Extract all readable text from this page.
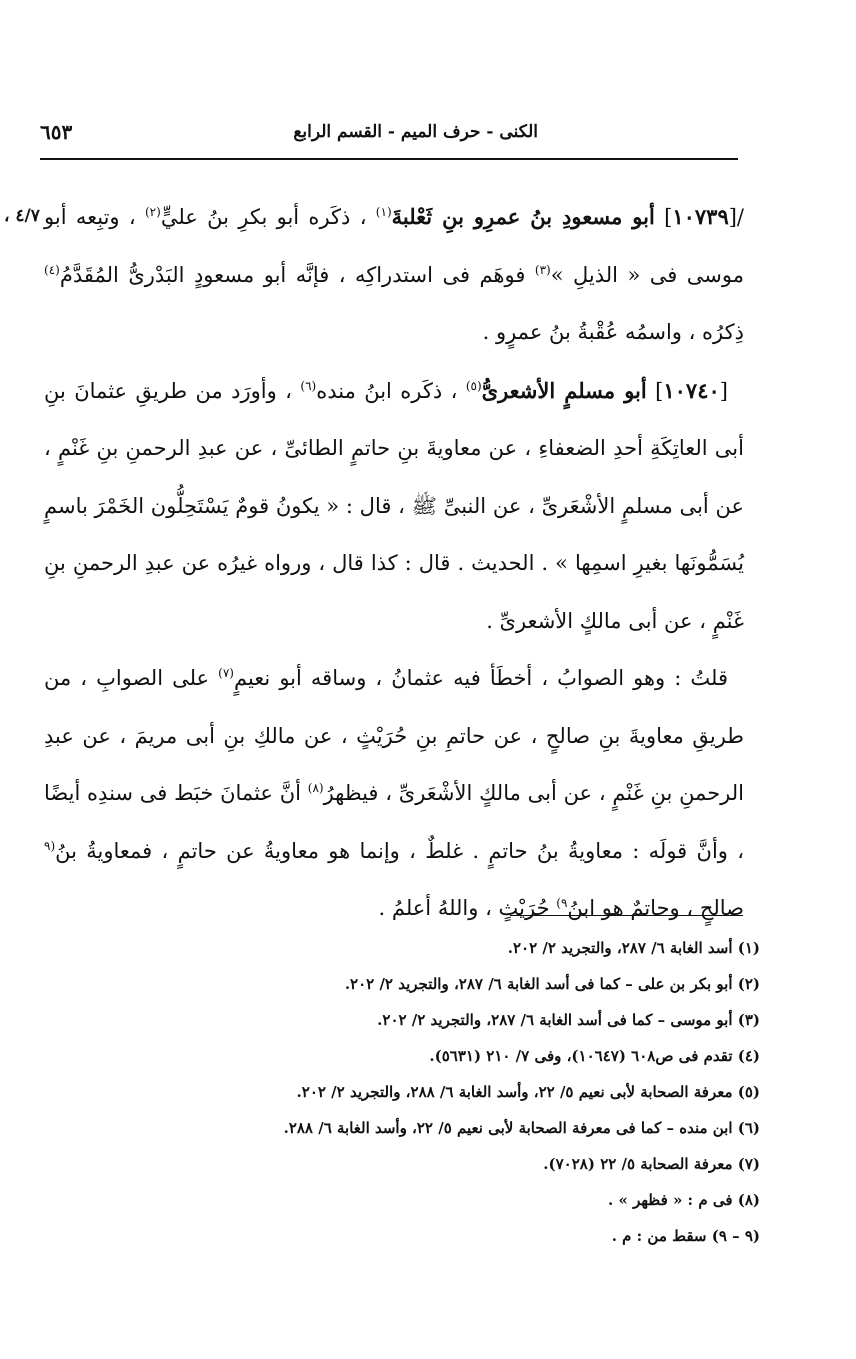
الكنى - حرف الميم - القسم الرابع
٦٥٣
٤/٧ ،	/[١٠٧٣٩] أبو مسعودِ بنُ عمرِو بنِ ثَعْلبةَ$^{(١)}$ ، ذكَره أبو بكرِ بنُ عليٍّ$^{(٢)}$ ، وتبِعه أبو موسى فى « الذيلِ »$^{(٣)}$ فوهَم فى استدراكِه ، فإنَّه أبو مسعودٍ البَدْرىُّ المُقَدَّمُ$^{(٤)}$ ذِكرُه ، واسمُه عُقْبةُ بنُ عمرٍو .

[١٠٧٤٠] أبو مسلمٍ الأشعرىُّ$^{(٥)}$ ، ذكَره ابنُ منده$^{(٦)}$ ، وأورَد من طريقِ عثمانَ بنِ أبى العاتِكَةِ أحدِ الضعفاءِ ، عن معاويةَ بنِ حاتمٍ الطائىِّ ، عن عبدِ الرحمنِ بنِ غَنْمٍ ، عن أبى مسلمٍ الأشْعَرىِّ ، عن النبىِّ ﷺ ، قال : « يكونُ قومٌ يَسْتَحِلُّون الخَمْرَ باسمٍ يُسَمُّونَها بغيرِ اسمِها » . الحديث . قال : كذا قال ، ورواه غيرُه عن عبدِ الرحمنِ بنِ غَنْمٍ ، عن أبى مالكٍ الأشعرىِّ .

قلتُ : وهو الصوابُ ، أخطَأ فيه عثمانُ ، وساقه أبو نعيمٍ$^{(٧)}$ على الصوابِ ، من طريقِ معاويةَ بنِ صالحٍ ، عن حاتمِ بنِ حُرَيْثٍ ، عن مالكِ بنِ أبى مريمَ ، عن عبدِ الرحمنِ بنِ غَنْمٍ ، عن أبى مالكٍ الأشْعَرىِّ ، فيظهرُ$^{(٨)}$ أنَّ عثمانَ خبَط فى سندِه أيضًا ، وأنَّ قولَه : معاويةُ بنُ حاتمٍ . غلطٌ ، وإنما هو معاويةُ عن حاتمٍ ، فمعاويةُ بنُ$^{(٩}$ صالحٍ ، وحاتمٌ هو ابنُ$^{٩)}$ حُرَيْثٍ ، واللهُ أعلمُ .

(١) أسد الغابة ٦/ ٢٨٧، والتجريد ٢/ ٢٠٢.

(٢) أبو بكر بن على – كما فى أسد الغابة ٦/ ٢٨٧، والتجريد ٢/ ٢٠٢.

(٣) أبو موسى – كما فى أسد الغابة ٦/ ٢٨٧، والتجريد ٢/ ٢٠٢.

(٤) تقدم فى ص٦٠٨ (١٠٦٤٧)، وفى ٧/ ٢١٠ (٥٦٣١).

(٥) معرفة الصحابة لأبى نعيم ٥/ ٢٢، وأسد الغابة ٦/ ٢٨٨، والتجريد ٢/ ٢٠٢.

(٦) ابن منده – كما فى معرفة الصحابة لأبى نعيم ٥/ ٢٢، وأسد الغابة ٦/ ٢٨٨.

(٧) معرفة الصحابة ٥/ ٢٢ (٧٠٢٨).

(٨) فى م : « فظهر » .

(٩ – ٩) سقط من : م .
